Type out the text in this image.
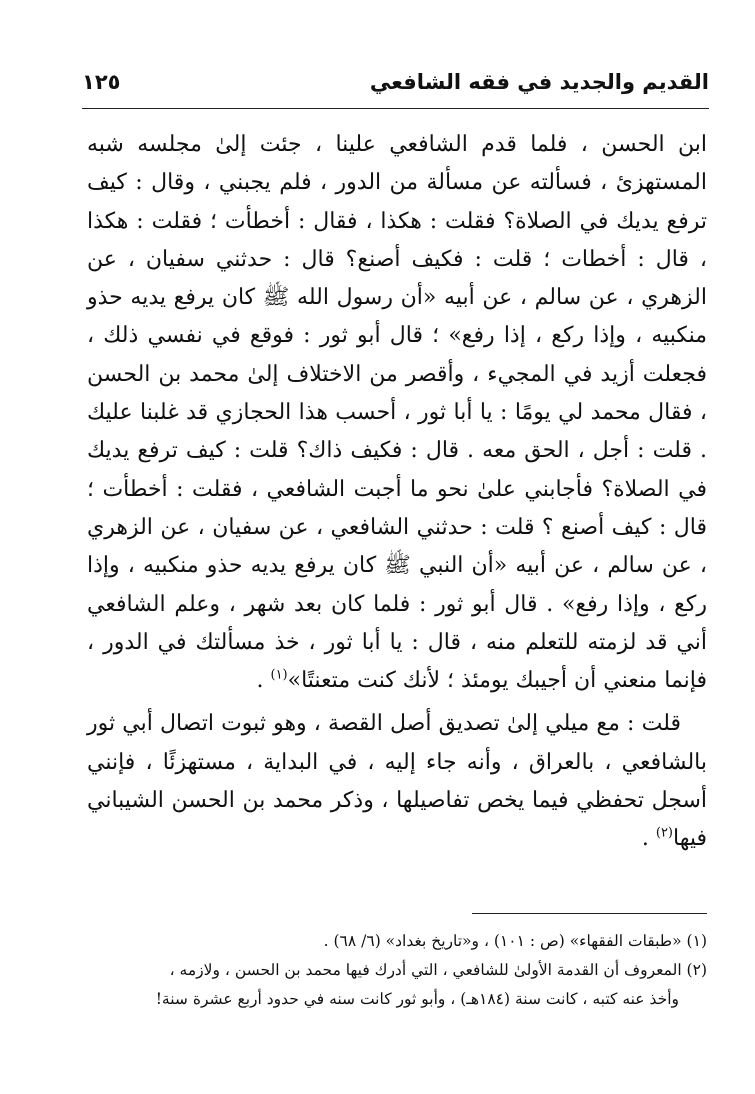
القديم والجديد في فقه الشافعي
١٢٥

ابن الحسن ، فلما قدم الشافعي علينا ، جئت إلىٰ مجلسه شبه المستهزئ ، فسألته عن مسألة من الدور ، فلم يجبني ، وقال : كيف ترفع يديك في الصلاة؟ فقلت : هكذا ، فقال : أخطأت ؛ فقلت : هكذا ، قال : أخطات ؛ قلت : فكيف أصنع؟ قال : حدثني سفيان ، عن الزهري ، عن سالم ، عن أبيه «أن رسول الله ﷺ كان يرفع يديه حذو منكبيه ، وإذا ركع ، إذا رفع» ؛ قال أبو ثور : فوقع في نفسي ذلك ، فجعلت أزيد في المجيء ، وأقصر من الاختلاف إلىٰ محمد بن الحسن ، فقال محمد لي يومًا : يا أبا ثور ، أحسب هذا الحجازي قد غلبنا عليك . قلت : أجل ، الحق معه . قال : فكيف ذاك؟ قلت : كيف ترفع يديك في الصلاة؟ فأجابني علىٰ نحو ما أجبت الشافعي ، فقلت : أخطأت ؛ قال : كيف أصنع ؟ قلت : حدثني الشافعي ، عن سفيان ، عن الزهري ، عن سالم ، عن أبيه «أن النبي ﷺ كان يرفع يديه حذو منكبيه ، وإذا ركع ، وإذا رفع» . قال أبو ثور : فلما كان بعد شهر ، وعلم الشافعي أني قد لزمته للتعلم منه ، قال : يا أبا ثور ، خذ مسألتك في الدور ، فإنما منعني أن أجيبك يومئذ ؛ لأنك كنت متعنتًا»$^{(١)}$ .

قلت : مع ميلي إلىٰ تصديق أصل القصة ، وهو ثبوت اتصال أبي ثور بالشافعي ، بالعراق ، وأنه جاء إليه ، في البداية ، مستهزئًا ، فإنني أسجل تحفظي فيما يخص تفاصيلها ، وذكر محمد بن الحسن الشيباني فيها$^{(٢)}$ .

(١) «طبقات الفقهاء» (ص : ١٠١) ، و«تاريخ بغداد» (٦/ ٦٨) .

(٢) المعروف أن القدمة الأولىٰ للشافعي ، التي أدرك فيها محمد بن الحسن ، ولازمه ،

وأخذ عنه كتبه ، كانت سنة (١٨٤هـ) ، وأبو ثور كانت سنه في حدود أربع عشرة سنة!
